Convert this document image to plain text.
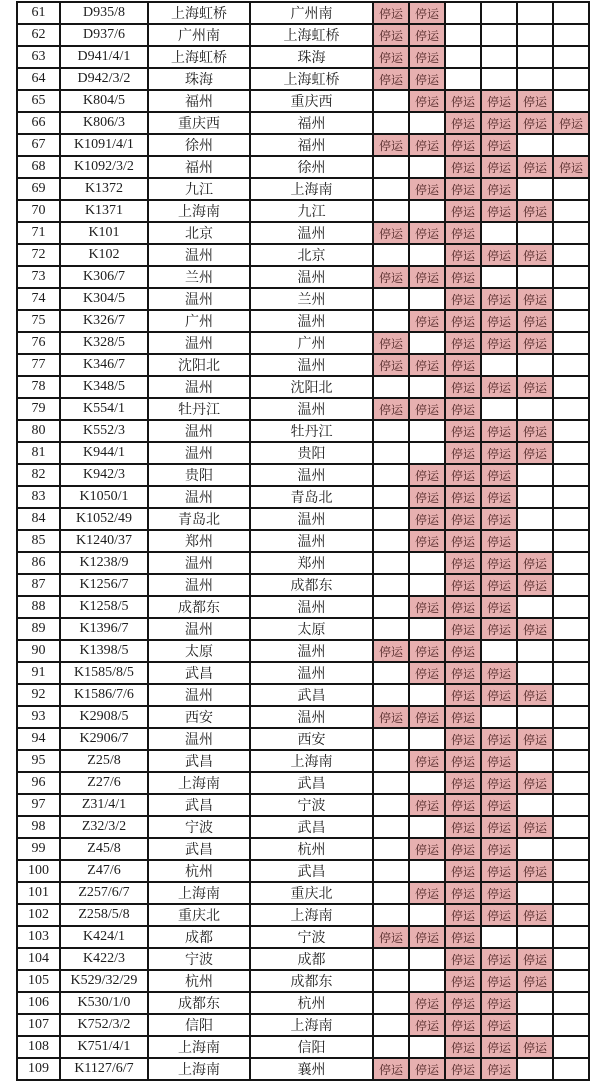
61	D935/8	上海虹桥	广州南	停运	停运				
62	D937/6	广州南	上海虹桥	停运	停运				
63	D941/4/1	上海虹桥	珠海	停运	停运				
64	D942/3/2	珠海	上海虹桥	停运	停运				
65	K804/5	福州	重庆西		停运	停运	停运	停运	
66	K806/3	重庆西	福州			停运	停运	停运	停运
67	K1091/4/1	徐州	福州	停运	停运	停运	停运		
68	K1092/3/2	福州	徐州			停运	停运	停运	停运
69	K1372	九江	上海南		停运	停运	停运		
70	K1371	上海南	九江			停运	停运	停运	
71	K101	北京	温州	停运	停运	停运			
72	K102	温州	北京			停运	停运	停运	
73	K306/7	兰州	温州	停运	停运	停运			
74	K304/5	温州	兰州			停运	停运	停运	
75	K326/7	广州	温州		停运	停运	停运	停运	
76	K328/5	温州	广州	停运		停运	停运	停运	
77	K346/7	沈阳北	温州	停运	停运	停运			
78	K348/5	温州	沈阳北			停运	停运	停运	
79	K554/1	牡丹江	温州	停运	停运	停运			
80	K552/3	温州	牡丹江			停运	停运	停运	
81	K944/1	温州	贵阳			停运	停运	停运	
82	K942/3	贵阳	温州		停运	停运	停运		
83	K1050/1	温州	青岛北		停运	停运	停运		
84	K1052/49	青岛北	温州		停运	停运	停运		
85	K1240/37	郑州	温州		停运	停运	停运		
86	K1238/9	温州	郑州			停运	停运	停运	
87	K1256/7	温州	成都东			停运	停运	停运	
88	K1258/5	成都东	温州		停运	停运	停运		
89	K1396/7	温州	太原			停运	停运	停运	
90	K1398/5	太原	温州	停运	停运	停运			
91	K1585/8/5	武昌	温州		停运	停运	停运		
92	K1586/7/6	温州	武昌			停运	停运	停运	
93	K2908/5	西安	温州	停运	停运	停运			
94	K2906/7	温州	西安			停运	停运	停运	
95	Z25/8	武昌	上海南		停运	停运	停运		
96	Z27/6	上海南	武昌			停运	停运	停运	
97	Z31/4/1	武昌	宁波		停运	停运	停运		
98	Z32/3/2	宁波	武昌			停运	停运	停运	
99	Z45/8	武昌	杭州		停运	停运	停运		
100	Z47/6	杭州	武昌			停运	停运	停运	
101	Z257/6/7	上海南	重庆北		停运	停运	停运		
102	Z258/5/8	重庆北	上海南			停运	停运	停运	
103	K424/1	成都	宁波	停运	停运	停运			
104	K422/3	宁波	成都			停运	停运	停运	
105	K529/32/29	杭州	成都东			停运	停运	停运	
106	K530/1/0	成都东	杭州		停运	停运	停运		
107	K752/3/2	信阳	上海南		停运	停运	停运		
108	K751/4/1	上海南	信阳			停运	停运	停运	
109	K1127/6/7	上海南	襄州	停运	停运	停运	停运		
